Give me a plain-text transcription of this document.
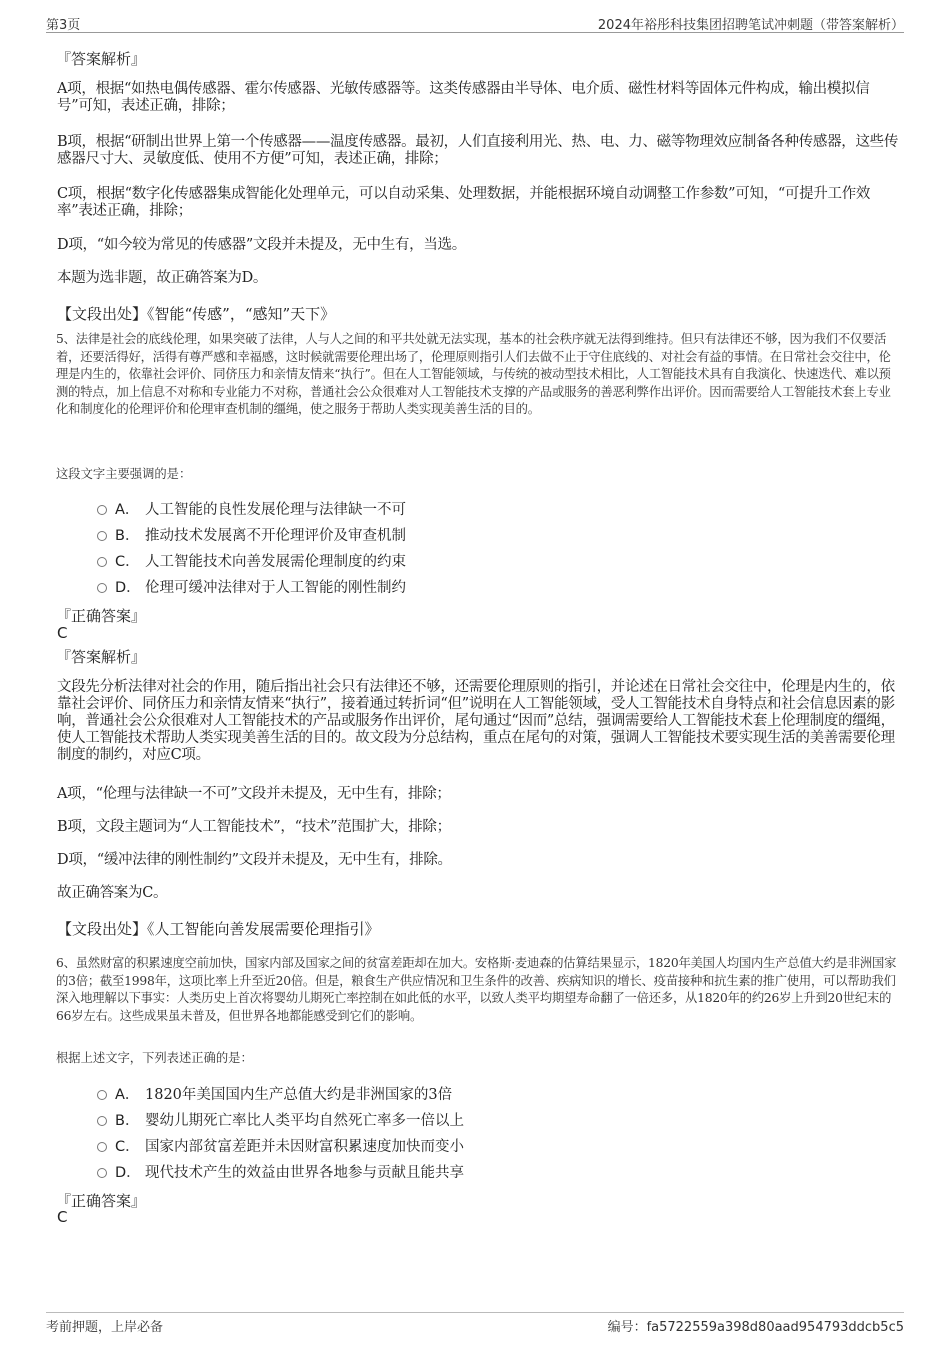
第3页	2024年裕彤科技集团招聘笔试冲刺题（带答案解析）
『答案解析』
A项，根据“如热电偶传感器、霍尔传感器、光敏传感器等。这类传感器由半导体、电介质、磁性材料等固体元件构成，输出模拟信号”可知，表述正确，排除；
B项，根据“研制出世界上第一个传感器——温度传感器。最初，人们直接利用光、热、电、力、磁等物理效应制备各种传感器，这些传感器尺寸大、灵敏度低、使用不方便”可知，表述正确，排除；
C项，根据“数字化传感器集成智能化处理单元，可以自动采集、处理数据，并能根据环境自动调整工作参数”可知，“可提升工作效率”表述正确，排除；
D项，“如今较为常见的传感器”文段并未提及，无中生有，当选。
本题为选非题，故正确答案为D。
【文段出处】《智能“传感”，“感知”天下》
5、法律是社会的底线伦理，如果突破了法律，人与人之间的和平共处就无法实现，基本的社会秩序就无法得到维持。但只有法律还不够，因为我们不仅要活着，还要活得好，活得有尊严感和幸福感，这时候就需要伦理出场了，伦理原则指引人们去做不止于守住底线的、对社会有益的事情。在日常社会交往中，伦理是内生的，依靠社会评价、同侪压力和亲情友情来“执行”。但在人工智能领域，与传统的被动型技术相比，人工智能技术具有自我演化、快速迭代、难以预测的特点，加上信息不对称和专业能力不对称，普通社会公众很难对人工智能技术支撑的产品或服务的善恶利弊作出评价。因而需要给人工智能技术套上专业化和制度化的伦理评价和伦理审查机制的缰绳，使之服务于帮助人类实现美善生活的目的。
这段文字主要强调的是：
A． 人工智能的良性发展伦理与法律缺一不可
B． 推动技术发展离不开伦理评价及审查机制
C． 人工智能技术向善发展需伦理制度的约束
D． 伦理可缓冲法律对于人工智能的刚性制约
『正确答案』
C
『答案解析』
文段先分析法律对社会的作用，随后指出社会只有法律还不够，还需要伦理原则的指引，并论述在日常社会交往中，伦理是内生的，依靠社会评价、同侪压力和亲情友情来“执行”，接着通过转折词“但”说明在人工智能领域，受人工智能技术自身特点和社会信息因素的影响，普通社会公众很难对人工智能技术的产品或服务作出评价，尾句通过“因而”总结，强调需要给人工智能技术套上伦理制度的缰绳，使人工智能技术帮助人类实现美善生活的目的。故文段为分总结构，重点在尾句的对策，强调人工智能技术要实现生活的美善需要伦理制度的制约，对应C项。
A项，“伦理与法律缺一不可”文段并未提及，无中生有，排除；
B项，文段主题词为“人工智能技术”，“技术”范围扩大，排除；
D项，“缓冲法律的刚性制约”文段并未提及，无中生有，排除。
故正确答案为C。
【文段出处】《人工智能向善发展需要伦理指引》
6、虽然财富的积累速度空前加快，国家内部及国家之间的贫富差距却在加大。安格斯·麦迪森的估算结果显示，1820年美国人均国内生产总值大约是非洲国家的3倍；截至1998年，这项比率上升至近20倍。但是，粮食生产供应情况和卫生条件的改善、疾病知识的增长、疫苗接种和抗生素的推广使用，可以帮助我们深入地理解以下事实：人类历史上首次将婴幼儿期死亡率控制在如此低的水平，以致人类平均期望寿命翻了一倍还多，从1820年的约26岁上升到20世纪末的66岁左右。这些成果虽未普及，但世界各地都能感受到它们的影响。
根据上述文字，下列表述正确的是：
A． 1820年美国国内生产总值大约是非洲国家的3倍
B． 婴幼儿期死亡率比人类平均自然死亡率多一倍以上
C． 国家内部贫富差距并未因财富积累速度加快而变小
D． 现代技术产生的效益由世界各地参与贡献且能共享
『正确答案』
C
考前押题，上岸必备	编号：fa5722559a398d80aad954793ddcb5c5
